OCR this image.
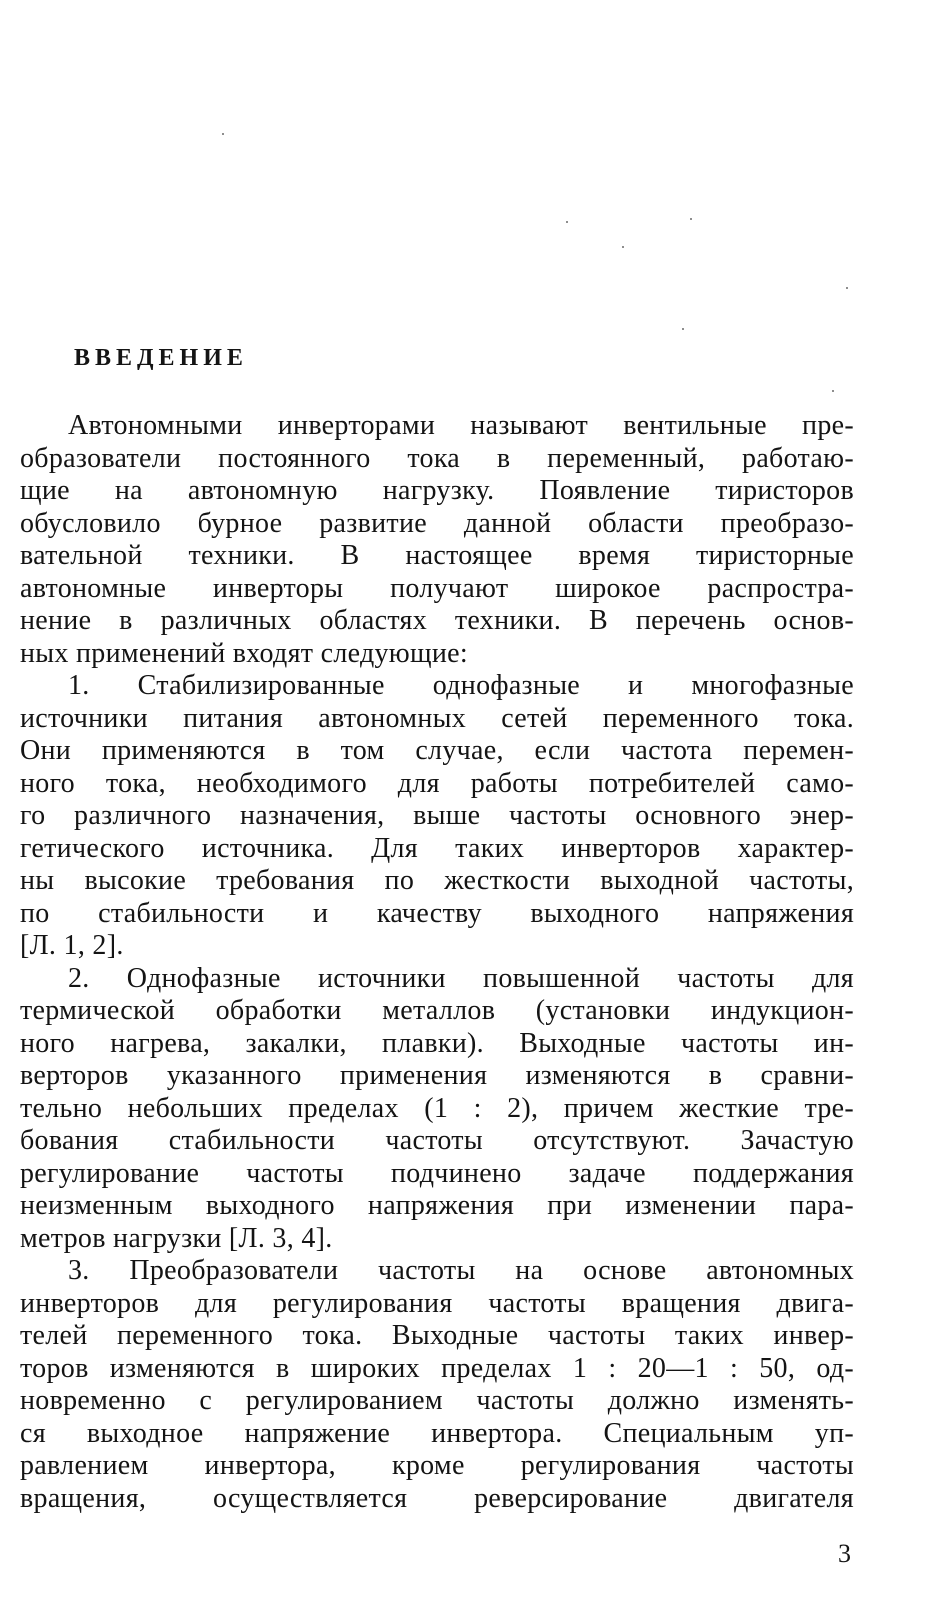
ВВЕДЕНИЕ
Автономными инверторами называют вентильные пре-
образователи постоянного тока в переменный, работаю-
щие на автономную нагрузку. Появление тиристоров
обусловило бурное развитие данной области преобразо-
вательной техники. В настоящее время тиристорные
автономные инверторы получают широкое распростра-
нение в различных областях техники. В перечень основ-
ных применений входят следующие:
1. Стабилизированные однофазные и многофазные
источники питания автономных сетей переменного тока.
Они применяются в том случае, если частота перемен-
ного тока, необходимого для работы потребителей само-
го различного назначения, выше частоты основного энер-
гетического источника. Для таких инверторов характер-
ны высокие требования по жесткости выходной частоты,
по стабильности и качеству выходного напряжения
[Л. 1, 2].
2. Однофазные источники повышенной частоты для
термической обработки металлов (установки индукцион-
ного нагрева, закалки, плавки). Выходные частоты ин-
верторов указанного применения изменяются в сравни-
тельно небольших пределах (1 : 2), причем жесткие тре-
бования стабильности частоты отсутствуют. Зачастую
регулирование частоты подчинено задаче поддержания
неизменным выходного напряжения при изменении пара-
метров нагрузки [Л. 3, 4].
3. Преобразователи частоты на основе автономных
инверторов для регулирования частоты вращения двига-
телей переменного тока. Выходные частоты таких инвер-
торов изменяются в широких пределах 1 : 20—1 : 50, од-
новременно с регулированием частоты должно изменять-
ся выходное напряжение инвертора. Специальным уп-
равлением инвертора, кроме регулирования частоты
вращения, осуществляется реверсирование двигателя
3
